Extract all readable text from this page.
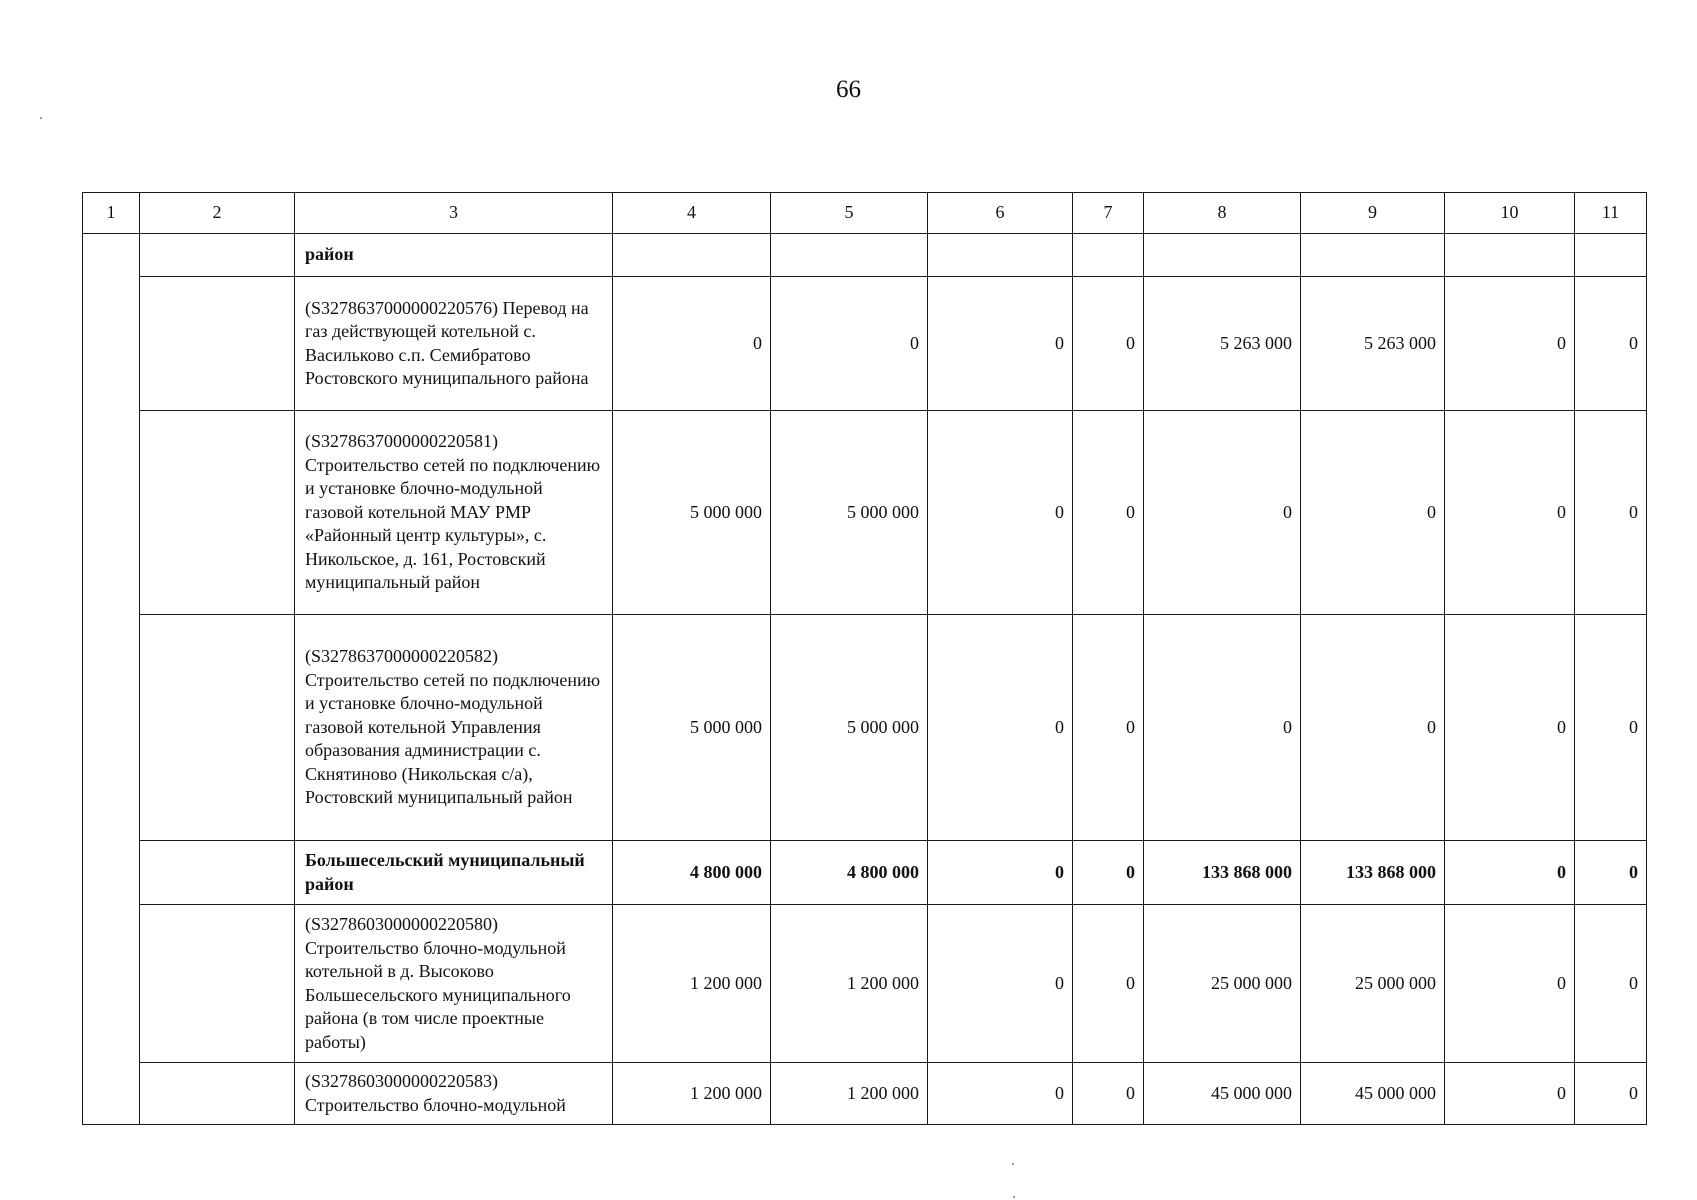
66
1	2	3	4	5	6	7	8	9	10	11
		район								
		(S3278637000000220576) Перевод на газ действующей котельной с. Васильково с.п. Семибратово Ростовского муниципального района	0	0	0	0	5 263 000	5 263 000	0	0
		(S3278637000000220581) Строительство сетей по подключению и установке блочно-модульной газовой котельной МАУ РМР «Районный центр культуры», с. Никольское, д. 161, Ростовский муниципальный район	5 000 000	5 000 000	0	0	0	0	0	0
		(S3278637000000220582) Строительство сетей по подключению и установке блочно-модульной газовой котельной Управления образования администрации с. Скнятиново (Никольская с/а), Ростовский муниципальный район	5 000 000	5 000 000	0	0	0	0	0	0
		Большесельский муниципальный район	4 800 000	4 800 000	0	0	133 868 000	133 868 000	0	0
		(S3278603000000220580) Строительство блочно-модульной котельной в д. Высоково Большесельского муниципального района (в том числе проектные работы)	1 200 000	1 200 000	0	0	25 000 000	25 000 000	0	0
		(S3278603000000220583) Строительство блочно-модульной	1 200 000	1 200 000	0	0	45 000 000	45 000 000	0	0
